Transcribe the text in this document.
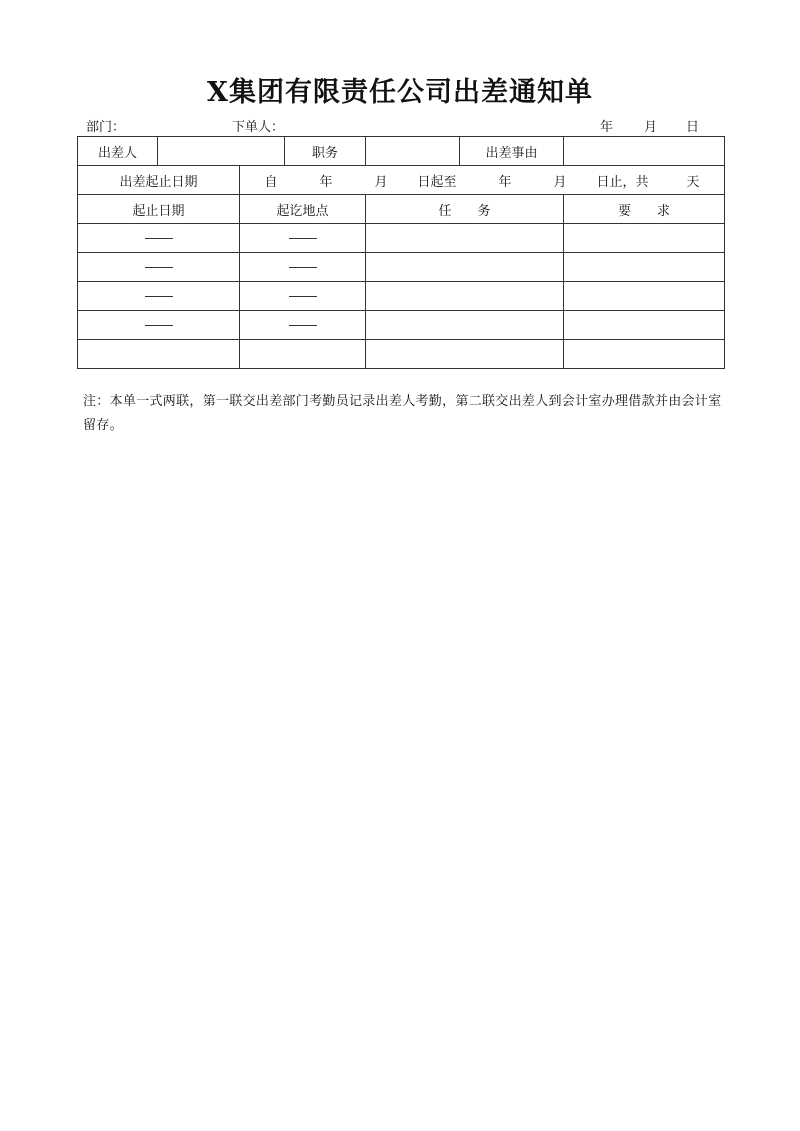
X集团有限责任公司出差通知单
部门：	下单人：	年 月 日
出差人			职务		出差事由	
出差起止日期		自 年 月 日起至 年 月 日止，共 天				
起止日期		起讫地点		任 务		要 求

注：本单一式两联，第一联交出差部门考勤员记录出差人考勤，第二联交出差人到会计室办理借款并由会计室留存。
